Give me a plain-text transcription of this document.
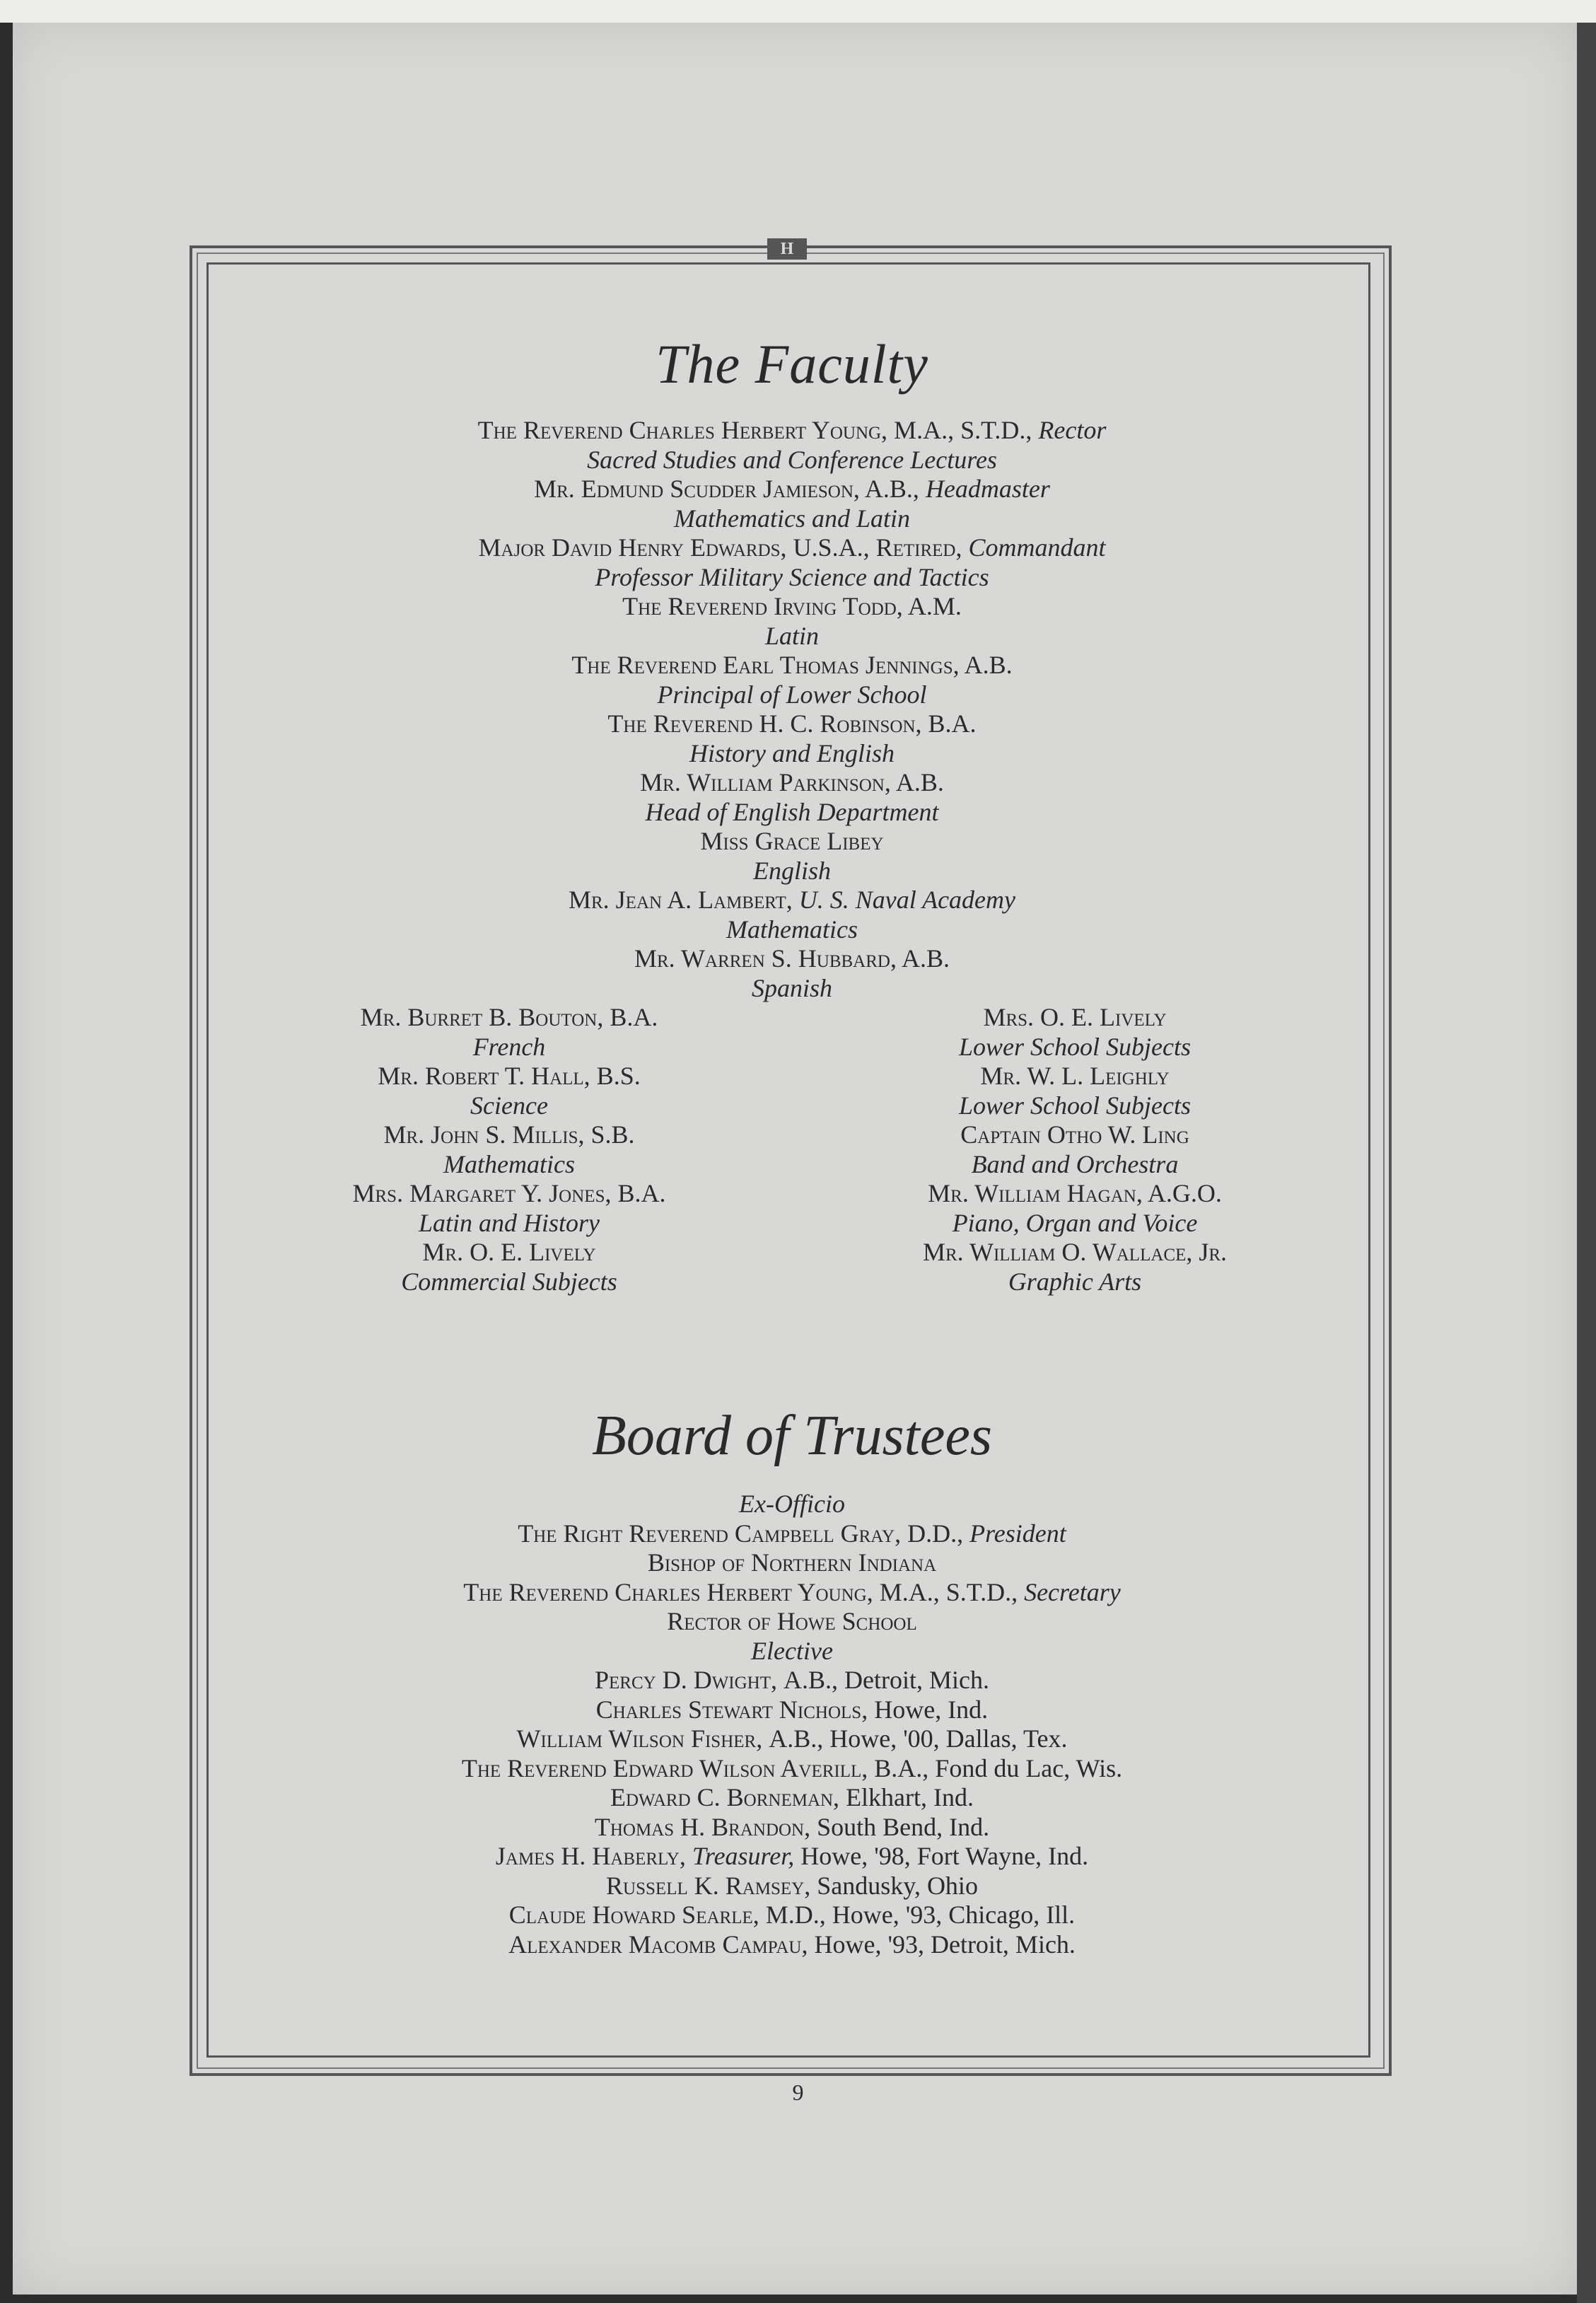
H
The Faculty
The Reverend Charles Herbert Young, M.A., S.T.D., Rector
Sacred Studies and Conference Lectures
Mr. Edmund Scudder Jamieson, A.B., Headmaster
Mathematics and Latin
Major David Henry Edwards, U.S.A., Retired, Commandant
Professor Military Science and Tactics
The Reverend Irving Todd, A.M.
Latin
The Reverend Earl Thomas Jennings, A.B.
Principal of Lower School
The Reverend H. C. Robinson, B.A.
History and English
Mr. William Parkinson, A.B.
Head of English Department
Miss Grace Libey
English
Mr. Jean A. Lambert, U. S. Naval Academy
Mathematics
Mr. Warren S. Hubbard, A.B.
Spanish
Mr. Burret B. Bouton, B.A.
French
Mr. Robert T. Hall, B.S.
Science
Mr. John S. Millis, S.B.
Mathematics
Mrs. Margaret Y. Jones, B.A.
Latin and History
Mr. O. E. Lively
Commercial Subjects
Mrs. O. E. Lively
Lower School Subjects
Mr. W. L. Leighly
Lower School Subjects
Captain Otho W. Ling
Band and Orchestra
Mr. William Hagan, A.G.O.
Piano, Organ and Voice
Mr. William O. Wallace, Jr.
Graphic Arts
Board of Trustees
Ex-Officio
The Right Reverend Campbell Gray, D.D., President
Bishop of Northern Indiana
The Reverend Charles Herbert Young, M.A., S.T.D., Secretary
Rector of Howe School
Elective
Percy D. Dwight, A.B., Detroit, Mich.
Charles Stewart Nichols, Howe, Ind.
William Wilson Fisher, A.B., Howe, '00, Dallas, Tex.
The Reverend Edward Wilson Averill, B.A., Fond du Lac, Wis.
Edward C. Borneman, Elkhart, Ind.
Thomas H. Brandon, South Bend, Ind.
James H. Haberly, Treasurer, Howe, '98, Fort Wayne, Ind.
Russell K. Ramsey, Sandusky, Ohio
Claude Howard Searle, M.D., Howe, '93, Chicago, Ill.
Alexander Macomb Campau, Howe, '93, Detroit, Mich.
9
